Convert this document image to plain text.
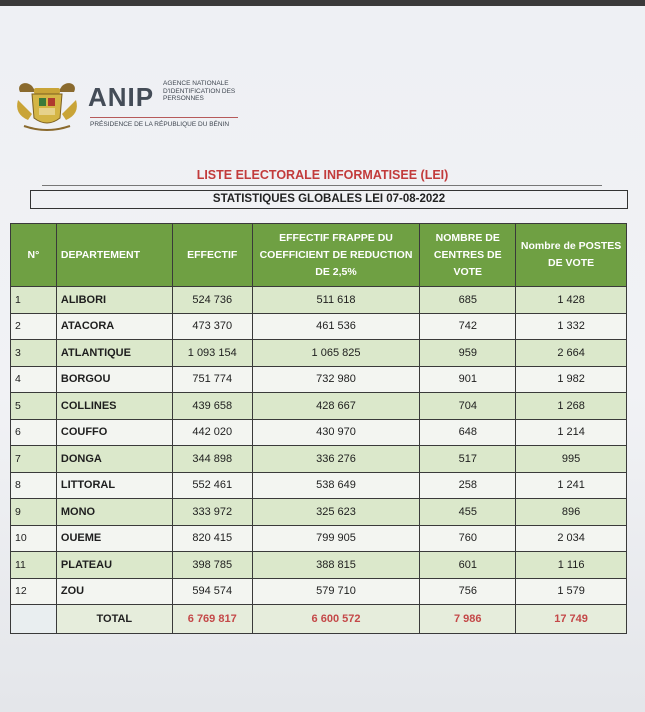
ANIP AGENCE NATIONALE D'IDENTIFICATION DES PERSONNES
PRÉSIDENCE DE LA RÉPUBLIQUE DU BÉNIN
LISTE ELECTORALE INFORMATISEE (LEI)
STATISTIQUES GLOBALES LEI 07-08-2022
N°	DEPARTEMENT	EFFECTIF	EFFECTIF FRAPPE DU COEFFICIENT DE REDUCTION DE 2,5%	NOMBRE DE CENTRES DE VOTE	Nombre de POSTES DE VOTE
1	ALIBORI	524 736	511 618	685	1 428
2	ATACORA	473 370	461 536	742	1 332
3	ATLANTIQUE	1 093 154	1 065 825	959	2 664
4	BORGOU	751 774	732 980	901	1 982
5	COLLINES	439 658	428 667	704	1 268
6	COUFFO	442 020	430 970	648	1 214
7	DONGA	344 898	336 276	517	995
8	LITTORAL	552 461	538 649	258	1 241
9	MONO	333 972	325 623	455	896
10	OUEME	820 415	799 905	760	2 034
11	PLATEAU	398 785	388 815	601	1 116
12	ZOU	594 574	579 710	756	1 579
	TOTAL	6 769 817	6 600 572	7 986	17 749
